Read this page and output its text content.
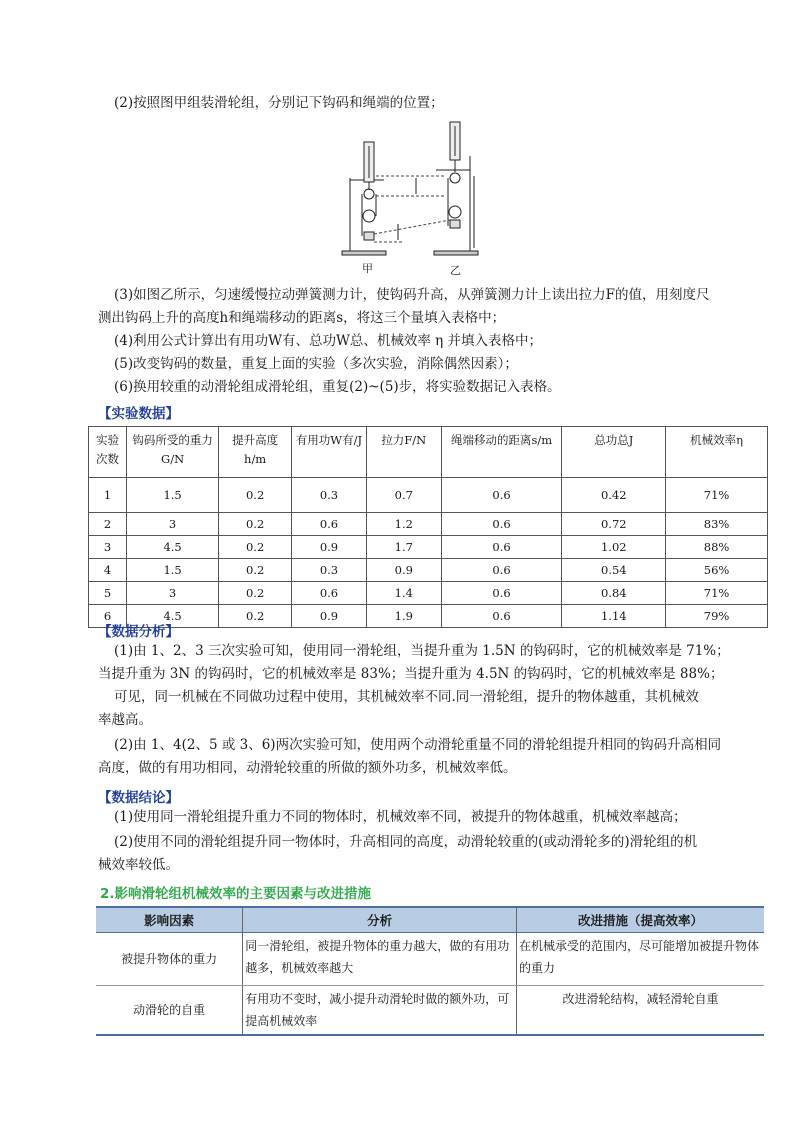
(2)按照图甲组装滑轮组，分别记下钩码和绳端的位置；
甲	乙
(3)如图乙所示，匀速缓慢拉动弹簧测力计，使钩码升高，从弹簧测力计上读出拉力F的值，用刻度尺
测出钩码上升的高度h和绳端移动的距离s，将这三个量填入表格中；
(4)利用公式计算出有用功W有、总功W总、机械效率 η 并填入表格中；
(5)改变钩码的数量，重复上面的实验（多次实验，消除偶然因素）；
(6)换用较重的动滑轮组成滑轮组，重复(2)~(5)步，将实验数据记入表格。
【实验数据】
实验次数	钩码所受的重力G/N	提升高度h/m	有用功W有/J	拉力F/N	绳端移动的距离s/m	总功总J	机械效率η
1	1.5	0.2	0.3	0.7	0.6	0.42	71%
2	3	0.2	0.6	1.2	0.6	0.72	83%
3	4.5	0.2	0.9	1.7	0.6	1.02	88%
4	1.5	0.2	0.3	0.9	0.6	0.54	56%
5	3	0.2	0.6	1.4	0.6	0.84	71%
6	4.5	0.2	0.9	1.9	0.6	1.14	79%
【数据分析】
(1)由 1、2、3 三次实验可知，使用同一滑轮组，当提升重为 1.5N 的钩码时，它的机械效率是 71%；
当提升重为 3N 的钩码时，它的机械效率是 83%；当提升重为 4.5N 的钩码时，它的机械效率是 88%；
可见，同一机械在不同做功过程中使用，其机械效率不同.同一滑轮组，提升的物体越重，其机械效
率越高。
(2)由 1、4(2、5 或 3、6)两次实验可知，使用两个动滑轮重量不同的滑轮组提升相同的钩码升高相同
高度，做的有用功相同，动滑轮较重的所做的额外功多，机械效率低。
【数据结论】
(1)使用同一滑轮组提升重力不同的物体时，机械效率不同，被提升的物体越重，机械效率越高；
(2)使用不同的滑轮组提升同一物体时，升高相同的高度，动滑轮较重的(或动滑轮多的)滑轮组的机
械效率较低。
2.影响滑轮组机械效率的主要因素与改进措施
影响因素	分析	改进措施（提高效率）
被提升物体的重力	同一滑轮组，被提升物体的重力越大，做的有用功越多，机械效率越大	在机械承受的范围内，尽可能增加被提升物体的重力
动滑轮的自重	有用功不变时，减小提升动滑轮时做的额外功，可提高机械效率	改进滑轮结构，减轻滑轮自重
